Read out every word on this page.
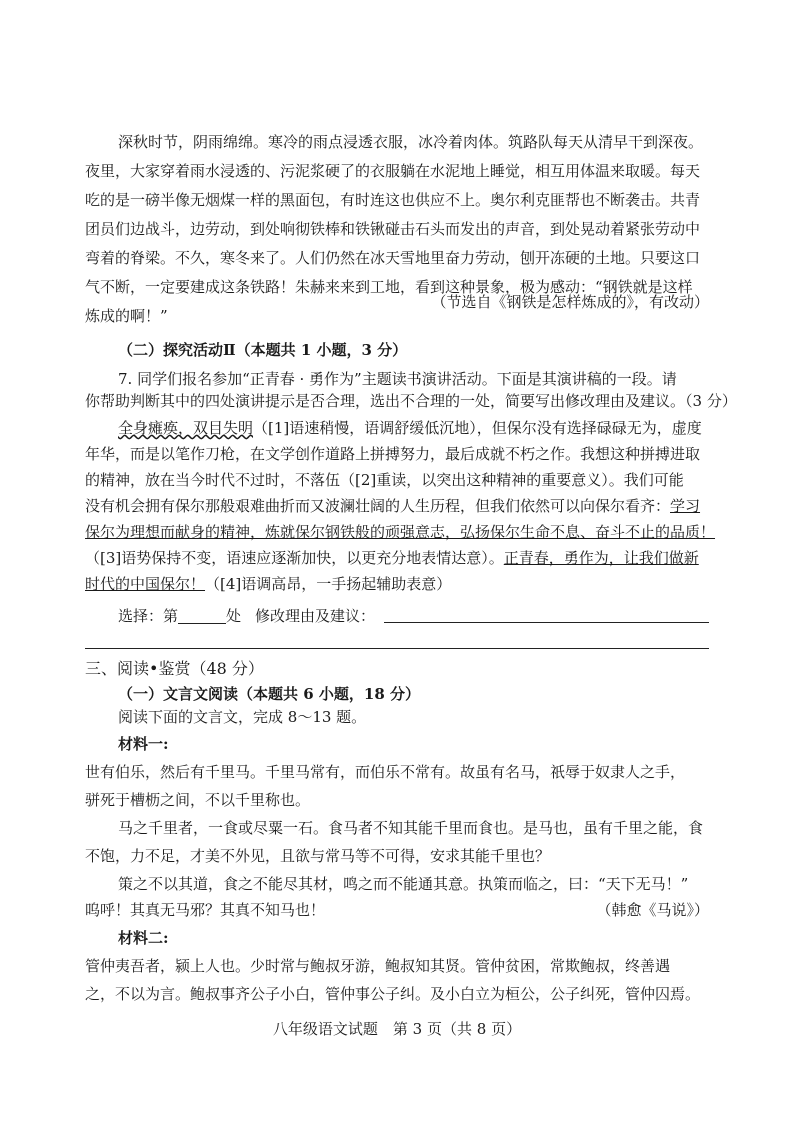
深秋时节，阴雨绵绵。寒冷的雨点浸透衣服，冰冷着肉体。筑路队每天从清早干到深夜。
夜里，大家穿着雨水浸透的、污泥浆硬了的衣服躺在水泥地上睡觉，相互用体温来取暖。每天
吃的是一磅半像无烟煤一样的黑面包，有时连这也供应不上。奥尔利克匪帮也不断袭击。共青
团员们边战斗，边劳动，到处响彻铁棒和铁锹碰击石头而发出的声音，到处晃动着紧张劳动中
弯着的脊梁。不久，寒冬来了。人们仍然在冰天雪地里奋力劳动，刨开冻硬的土地。只要这口
气不断，一定要建成这条铁路！朱赫来来到工地，看到这种景象，极为感动：“钢铁就是这样
炼成的啊！”
（节选自《钢铁是怎样炼成的》，有改动）
（二）探究活动Ⅱ（本题共 1 小题，3 分）
7. 同学们报名参加“正青春 · 勇作为”主题读书演讲活动。下面是其演讲稿的一段。请
你帮助判断其中的四处演讲提示是否合理，选出不合理的一处，简要写出修改理由及建议。（3 分）
全身瘫痪，双目失明（[1]语速稍慢，语调舒缓低沉地），但保尔没有选择碌碌无为，虚度
年华，而是以笔作刀枪，在文学创作道路上拼搏努力，最后成就不朽之作。我想这种拼搏进取
的精神，放在当今时代不过时，不落伍（[2]重读，以突出这种精神的重要意义）。我们可能
没有机会拥有保尔那般艰难曲折而又波澜壮阔的人生历程，但我们依然可以向保尔看齐：学习
保尔为理想而献身的精神，炼就保尔钢铁般的顽强意志，弘扬保尔生命不息、奋斗不止的品质！
（[3]语势保持不变，语速应逐渐加快，以更充分地表情达意）。正青春，勇作为，让我们做新
时代的中国保尔！（[4]语调高昂，一手扬起辅助表意）
选择：第	处 修改理由及建议：
三、阅读•鉴赏（48 分）
（一）文言文阅读（本题共 6 小题，18 分）
阅读下面的文言文，完成 8～13 题。
材料一:
世有伯乐，然后有千里马。千里马常有，而伯乐不常有。故虽有名马，祇辱于奴隶人之手，
骈死于槽枥之间，不以千里称也。
马之千里者，一食或尽粟一石。食马者不知其能千里而食也。是马也，虽有千里之能，食
不饱，力不足，才美不外见，且欲与常马等不可得，安求其能千里也？
策之不以其道，食之不能尽其材，鸣之而不能通其意。执策而临之，曰：“天下无马！”
呜呼！其真无马邪？其真不知马也！	（韩愈《马说》）
材料二:
管仲夷吾者，颍上人也。少时常与鲍叔牙游，鲍叔知其贤。管仲贫困，常欺鲍叔，终善遇
之，不以为言。鲍叔事齐公子小白，管仲事公子纠。及小白立为桓公，公子纠死，管仲囚焉。
八年级语文试题　第 3 页（共 8 页）
